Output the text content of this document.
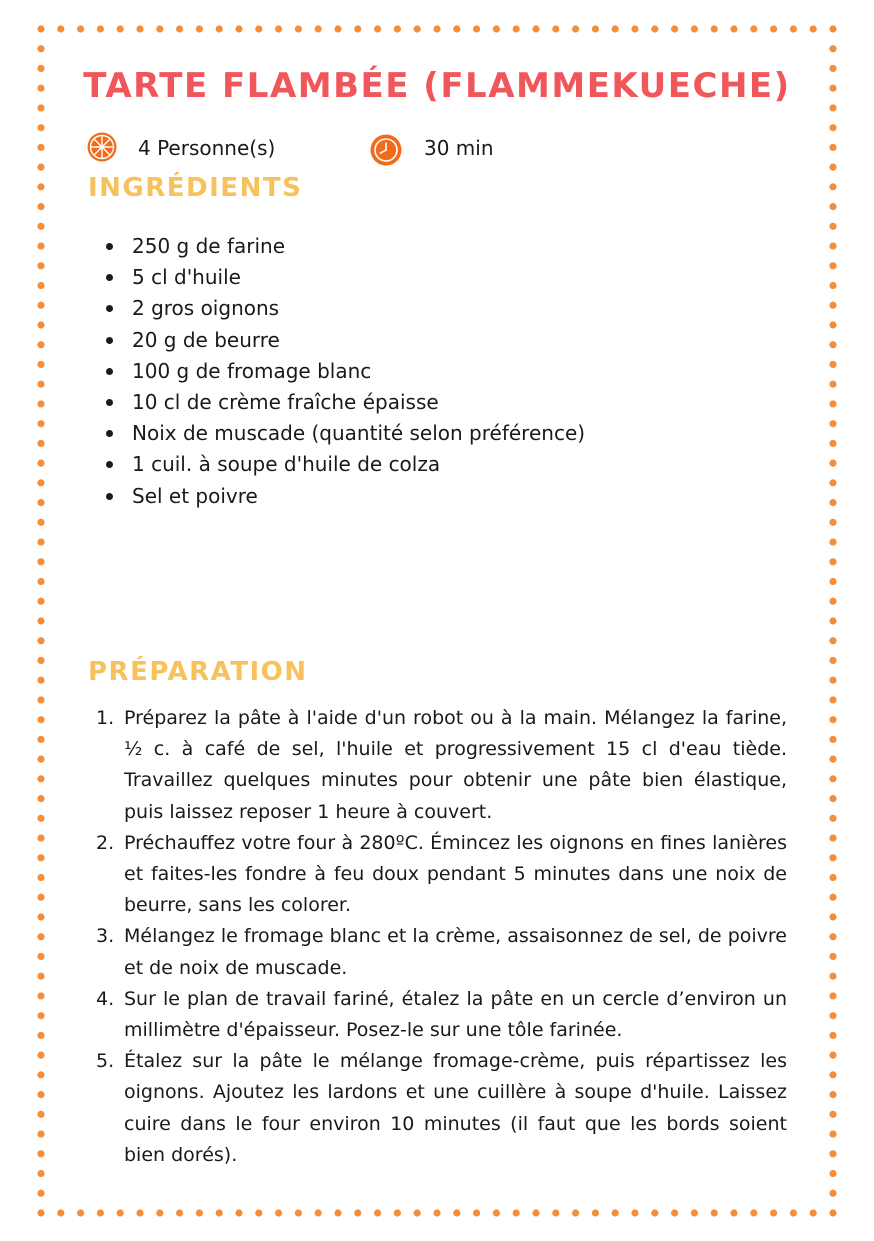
TARTE FLAMBÉE (FLAMMEKUECHE)
4 Personne(s)	30 min
INGRÉDIENTS
250 g de farine
5 cl d'huile
2 gros oignons
20 g de beurre
100 g de fromage blanc
10 cl de crème fraîche épaisse
Noix de muscade (quantité selon préférence)
1 cuil. à soupe d'huile de colza
Sel et poivre
PRÉPARATION
1. Préparez la pâte à l'aide d'un robot ou à la main. Mélangez la farine, ½ c. à café de sel, l'huile et progressivement 15 cl d'eau tiède. Travaillez quelques minutes pour obtenir une pâte bien élastique, puis laissez reposer 1 heure à couvert.
2. Préchauffez votre four à 280ºC. Émincez les oignons en fines lanières et faites-les fondre à feu doux pendant 5 minutes dans une noix de beurre, sans les colorer.
3. Mélangez le fromage blanc et la crème, assaisonnez de sel, de poivre et de noix de muscade.
4. Sur le plan de travail fariné, étalez la pâte en un cercle d’environ un millimètre d'épaisseur. Posez-le sur une tôle farinée.
5. Étalez sur la pâte le mélange fromage-crème, puis répartissez les oignons. Ajoutez les lardons et une cuillère à soupe d'huile. Laissez cuire dans le four environ 10 minutes (il faut que les bords soient bien dorés).
